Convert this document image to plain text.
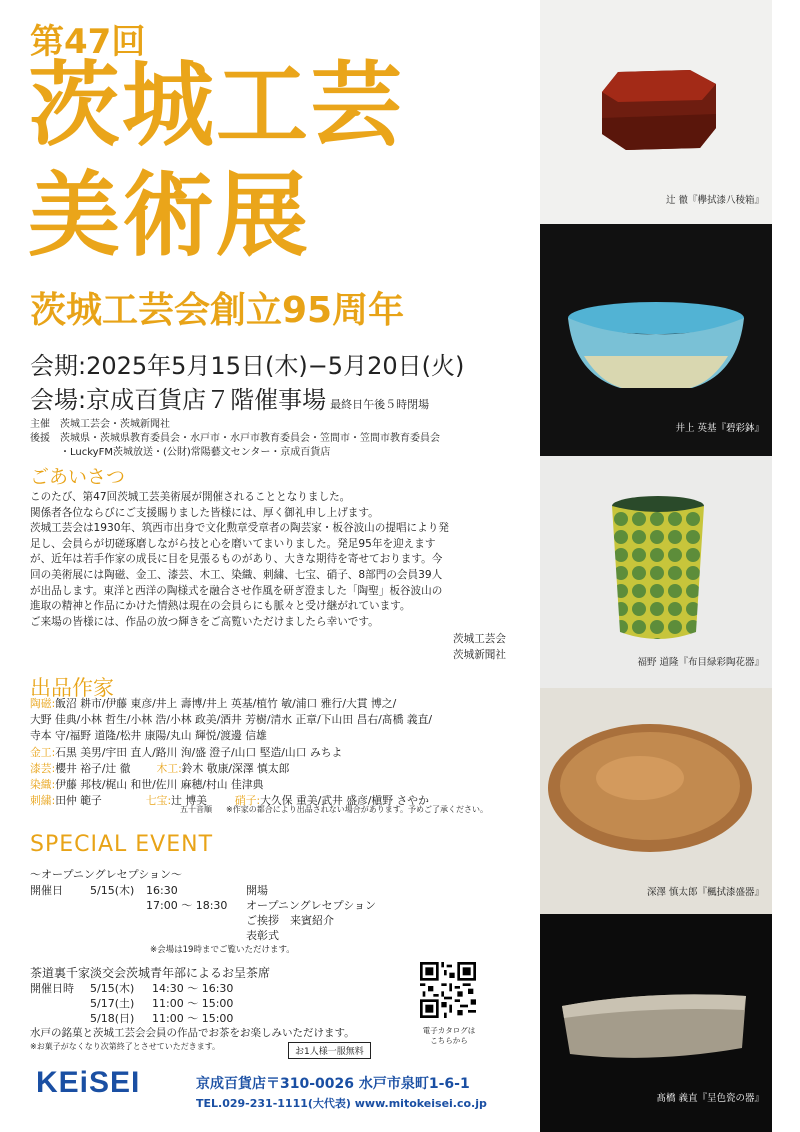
第47回
茨城工芸
美術展
茨城工芸会創立95周年
会期:2025年5月15日(木)−5月20日(火)
会場:京成百貨店７階催事場 最終日午後５時閉場
主催	茨城工芸会・茨城新聞社
後援	茨城県・茨城県教育委員会・水戸市・水戸市教育委員会・笠間市・笠間市教育委員会
・LuckyFM茨城放送・(公財)常陽藝文センター・京成百貨店
ごあいさつ
このたび、第47回茨城工芸美術展が開催されることとなりました。
関係者各位ならびにご支援賜りました皆様には、厚く御礼申し上げます。
茨城工芸会は1930年、筑西市出身で文化勲章受章者の陶芸家・板谷波山の提唱により発
足し、会員らが切磋琢磨しながら技と心を磨いてまいりました。発足95年を迎えます
が、近年は若手作家の成長に目を見張るものがあり、大きな期待を寄せております。今
回の美術展には陶磁、金工、漆芸、木工、染織、刺繍、七宝、硝子、8部門の会員39人
が出品します。東洋と西洋の陶様式を融合させ作風を研ぎ澄ました「陶聖」板谷波山の
進取の精神と作品にかけた情熱は現在の会員らにも脈々と受け継がれています。
ご来場の皆様には、作品の放つ輝きをご高覧いただけましたら幸いです。
茨城工芸会
茨城新聞社
出品作家
陶磁:飯沼 耕市/伊藤 東彦/井上 壽博/井上 英基/植竹 敏/浦口 雅行/大貫 博之/
大野 佳典/小林 哲生/小林 浩/小林 政美/酒井 芳樹/清水 正章/下山田 昌右/髙橋 義直/
寺本 守/福野 道隆/松井 康陽/丸山 輝悦/渡邊 信雄
金工:石黒 美男/宇田 直人/路川 洵/盛 澄子/山口 堅造/山口 みちよ
漆芸:櫻井 裕子/辻 徹 木工:鈴木 敬康/深澤 慎太郎
染織:伊藤 邦枝/梶山 和世/佐川 麻穂/村山 佳津典
刺繍:田仲 範子	七宝:辻 博美	硝子:大久保 重美/武井 盛彦/槇野 さやか
五十音順 ※作家の都合により出品されない場合があります。予めご了承ください。
SPECIAL EVENT
〜オープニングレセプション〜
開催日	5/15(木)	16:30	開場
17:00 〜 18:30	オープニングレセプション
ご挨拶　来賓紹介
表彰式
※会場は19時までご覧いただけます。
茶道裏千家淡交会茨城青年部によるお呈茶席
開催日時	5/15(木)	14:30 〜 16:30
5/17(土)	11:00 〜 15:00
5/18(日)	11:00 〜 15:00
水戸の銘菓と茨城工芸会会員の作品でお茶をお楽しみいただけます。
※お菓子がなくなり次第終了とさせていただきます。
お1人様一服無料
電子カタログは
こちらから
KEiSEI	京成百貨店 〒310-0026 水戸市泉町1-6-1
TEL.029-231-1111(大代表) www.mitokeisei.co.jp
辻 徹『欅拭漆八稜箱』
井上 英基『碧彩鉢』
福野 道隆『布目緑彩陶花器』
深澤 慎太郎『楓拭漆盛器』
髙橋 義直『呈色瓷の器』
